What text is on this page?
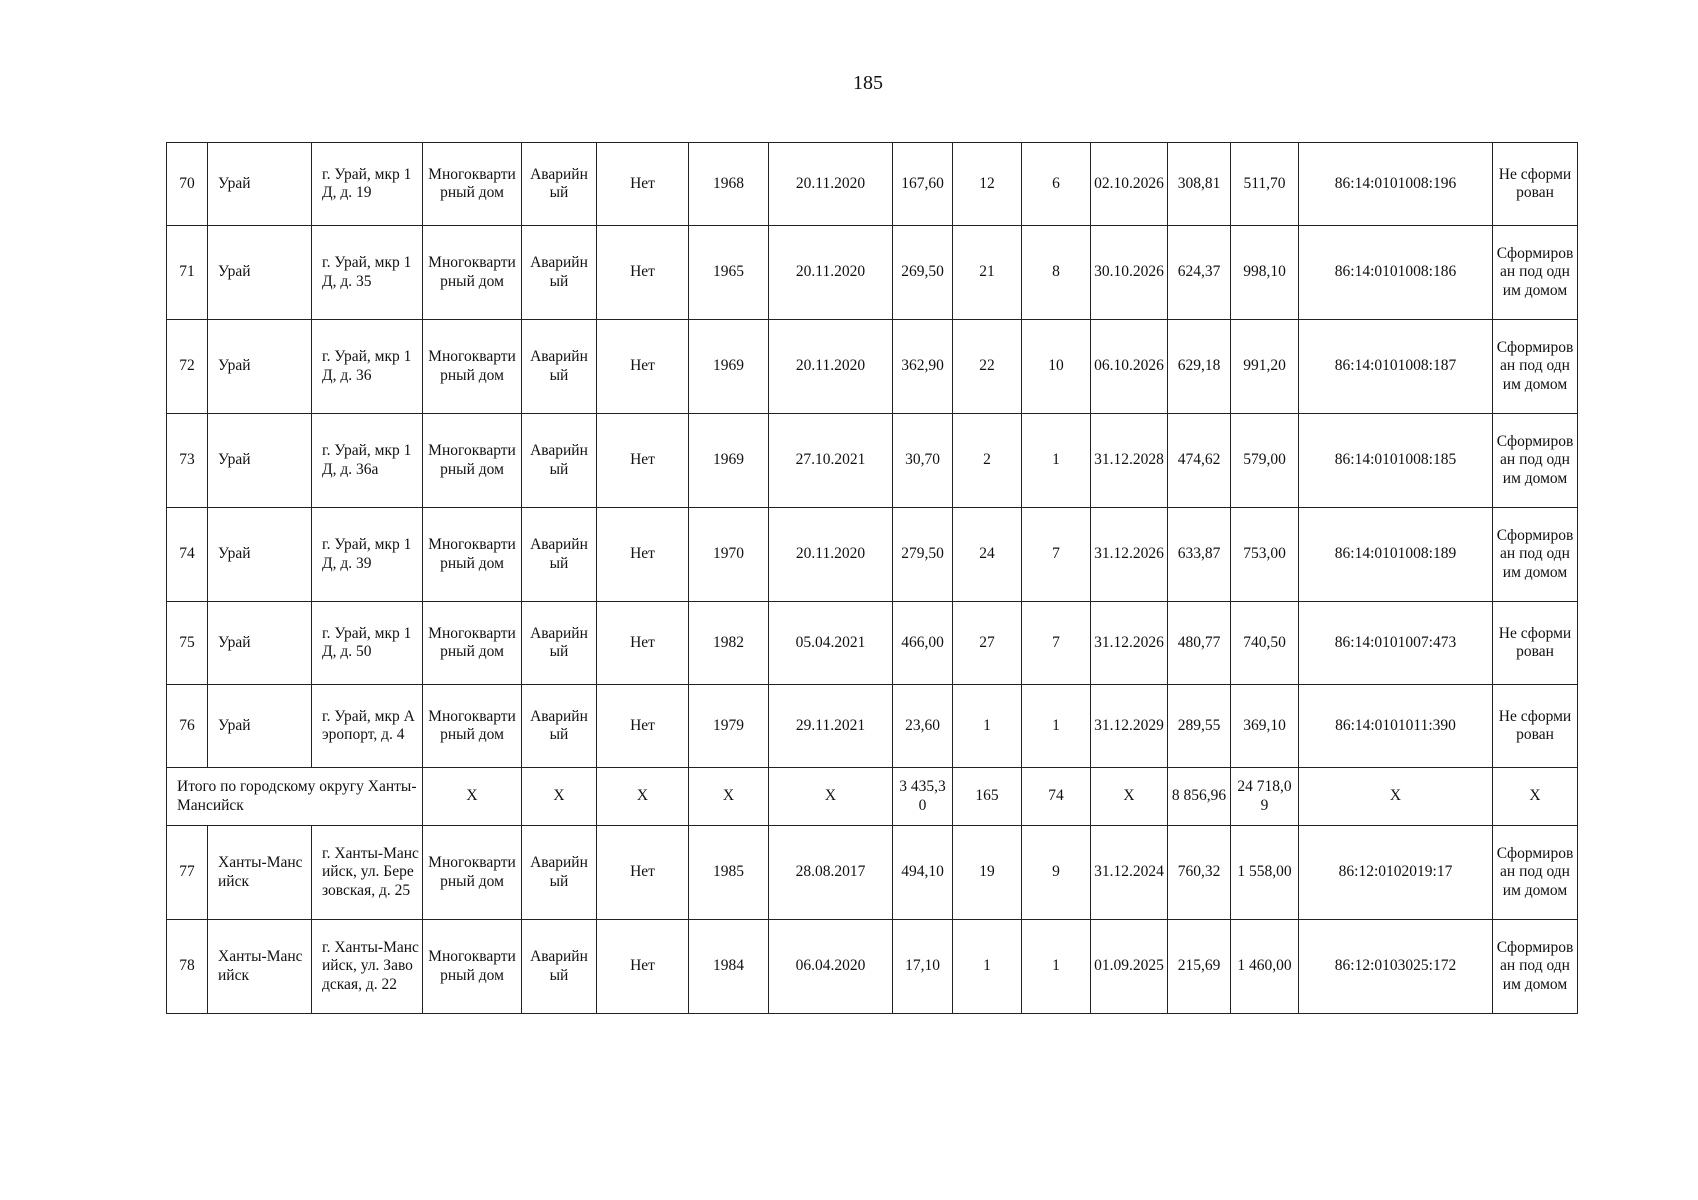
185
70	Урай	г. Урай, мкр 1Д, д. 19	Многоквартирный дом	Аварийный	Нет	1968	20.11.2020	167,60	12	6	02.10.2026	308,81	511,70	86:14:0101008:196	Не сформирован
71	Урай	г. Урай, мкр 1Д, д. 35	Многоквартирный дом	Аварийный	Нет	1965	20.11.2020	269,50	21	8	30.10.2026	624,37	998,10	86:14:0101008:186	Сформирован под одним домом
72	Урай	г. Урай, мкр 1Д, д. 36	Многоквартирный дом	Аварийный	Нет	1969	20.11.2020	362,90	22	10	06.10.2026	629,18	991,20	86:14:0101008:187	Сформирован под одним домом
73	Урай	г. Урай, мкр 1Д, д. 36а	Многоквартирный дом	Аварийный	Нет	1969	27.10.2021	30,70	2	1	31.12.2028	474,62	579,00	86:14:0101008:185	Сформирован под одним домом
74	Урай	г. Урай, мкр 1Д, д. 39	Многоквартирный дом	Аварийный	Нет	1970	20.11.2020	279,50	24	7	31.12.2026	633,87	753,00	86:14:0101008:189	Сформирован под одним домом
75	Урай	г. Урай, мкр 1Д, д. 50	Многоквартирный дом	Аварийный	Нет	1982	05.04.2021	466,00	27	7	31.12.2026	480,77	740,50	86:14:0101007:473	Не сформирован
76	Урай	г. Урай, мкр Аэропорт, д. 4	Многоквартирный дом	Аварийный	Нет	1979	29.11.2021	23,60	1	1	31.12.2029	289,55	369,10	86:14:0101011:390	Не сформирован
Итого по городскому округу Ханты-Мансийск			Х	Х	Х	Х	Х	3 435,30	165	74	Х	8 856,96	24 718,09	Х	Х
77	Ханты-Мансийск	г. Ханты-Мансийск, ул. Березовская, д. 25	Многоквартирный дом	Аварийный	Нет	1985	28.08.2017	494,10	19	9	31.12.2024	760,32	1 558,00	86:12:0102019:17	Сформирован под одним домом
78	Ханты-Мансийск	г. Ханты-Мансийск, ул. Заводская, д. 22	Многоквартирный дом	Аварийный	Нет	1984	06.04.2020	17,10	1	1	01.09.2025	215,69	1 460,00	86:12:0103025:172	Сформирован под одним домом
